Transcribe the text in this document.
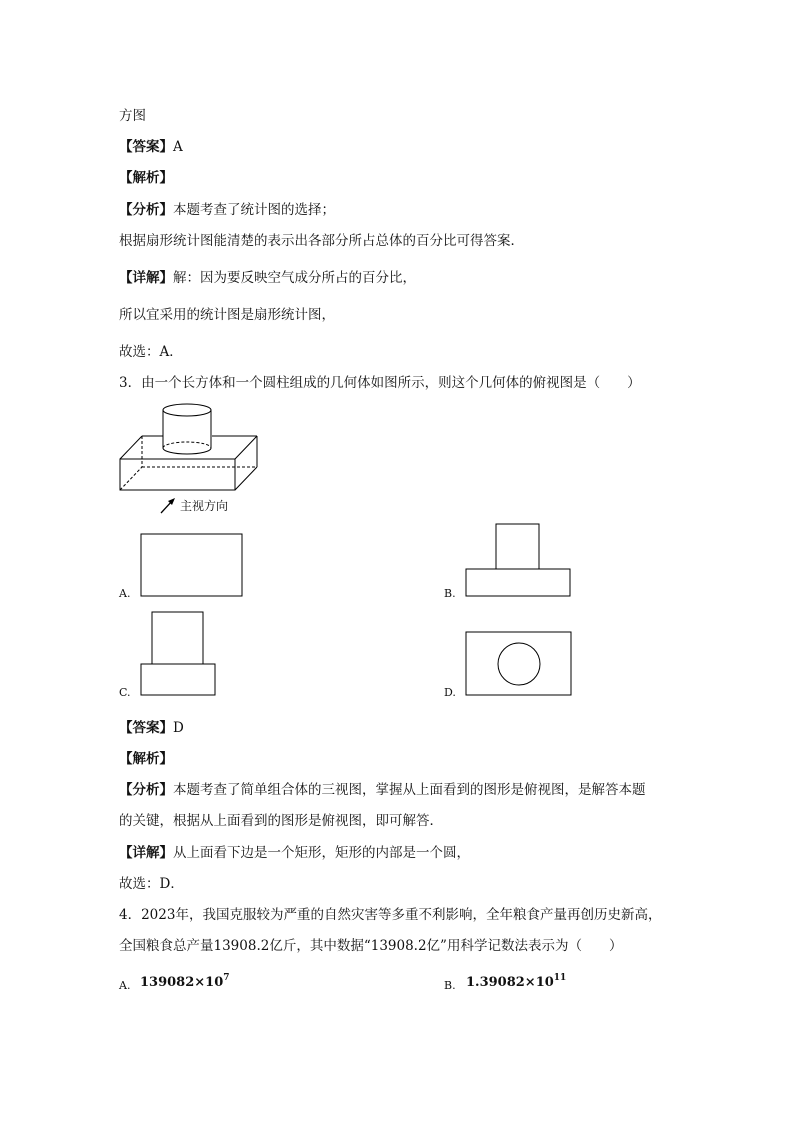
方图
【答案】A
【解析】
【分析】本题考查了统计图的选择；
根据扇形统计图能清楚的表示出各部分所占总体的百分比可得答案．
【详解】解：因为要反映空气成分所占的百分比，
所以宜采用的统计图是扇形统计图，
故选：A．
3．由一个长方体和一个圆柱组成的几何体如图所示，则这个几何体的俯视图是（　　）
主视方向
A.	B.
C.	D.
【答案】D
【解析】
【分析】本题考查了简单组合体的三视图，掌握从上面看到的图形是俯视图，是解答本题
的关键，根据从上面看到的图形是俯视图，即可解答．
【详解】从上面看下边是一个矩形，矩形的内部是一个圆，
故选：D．
4．2023年，我国克服较为严重的自然灾害等多重不利影响，全年粮食产量再创历史新高，
全国粮食总产量13908.2亿斤，其中数据“13908.2亿”用科学记数法表示为（　　）
A. $139082\times 10^7$
B. $1.39082\times 10^{11}$
